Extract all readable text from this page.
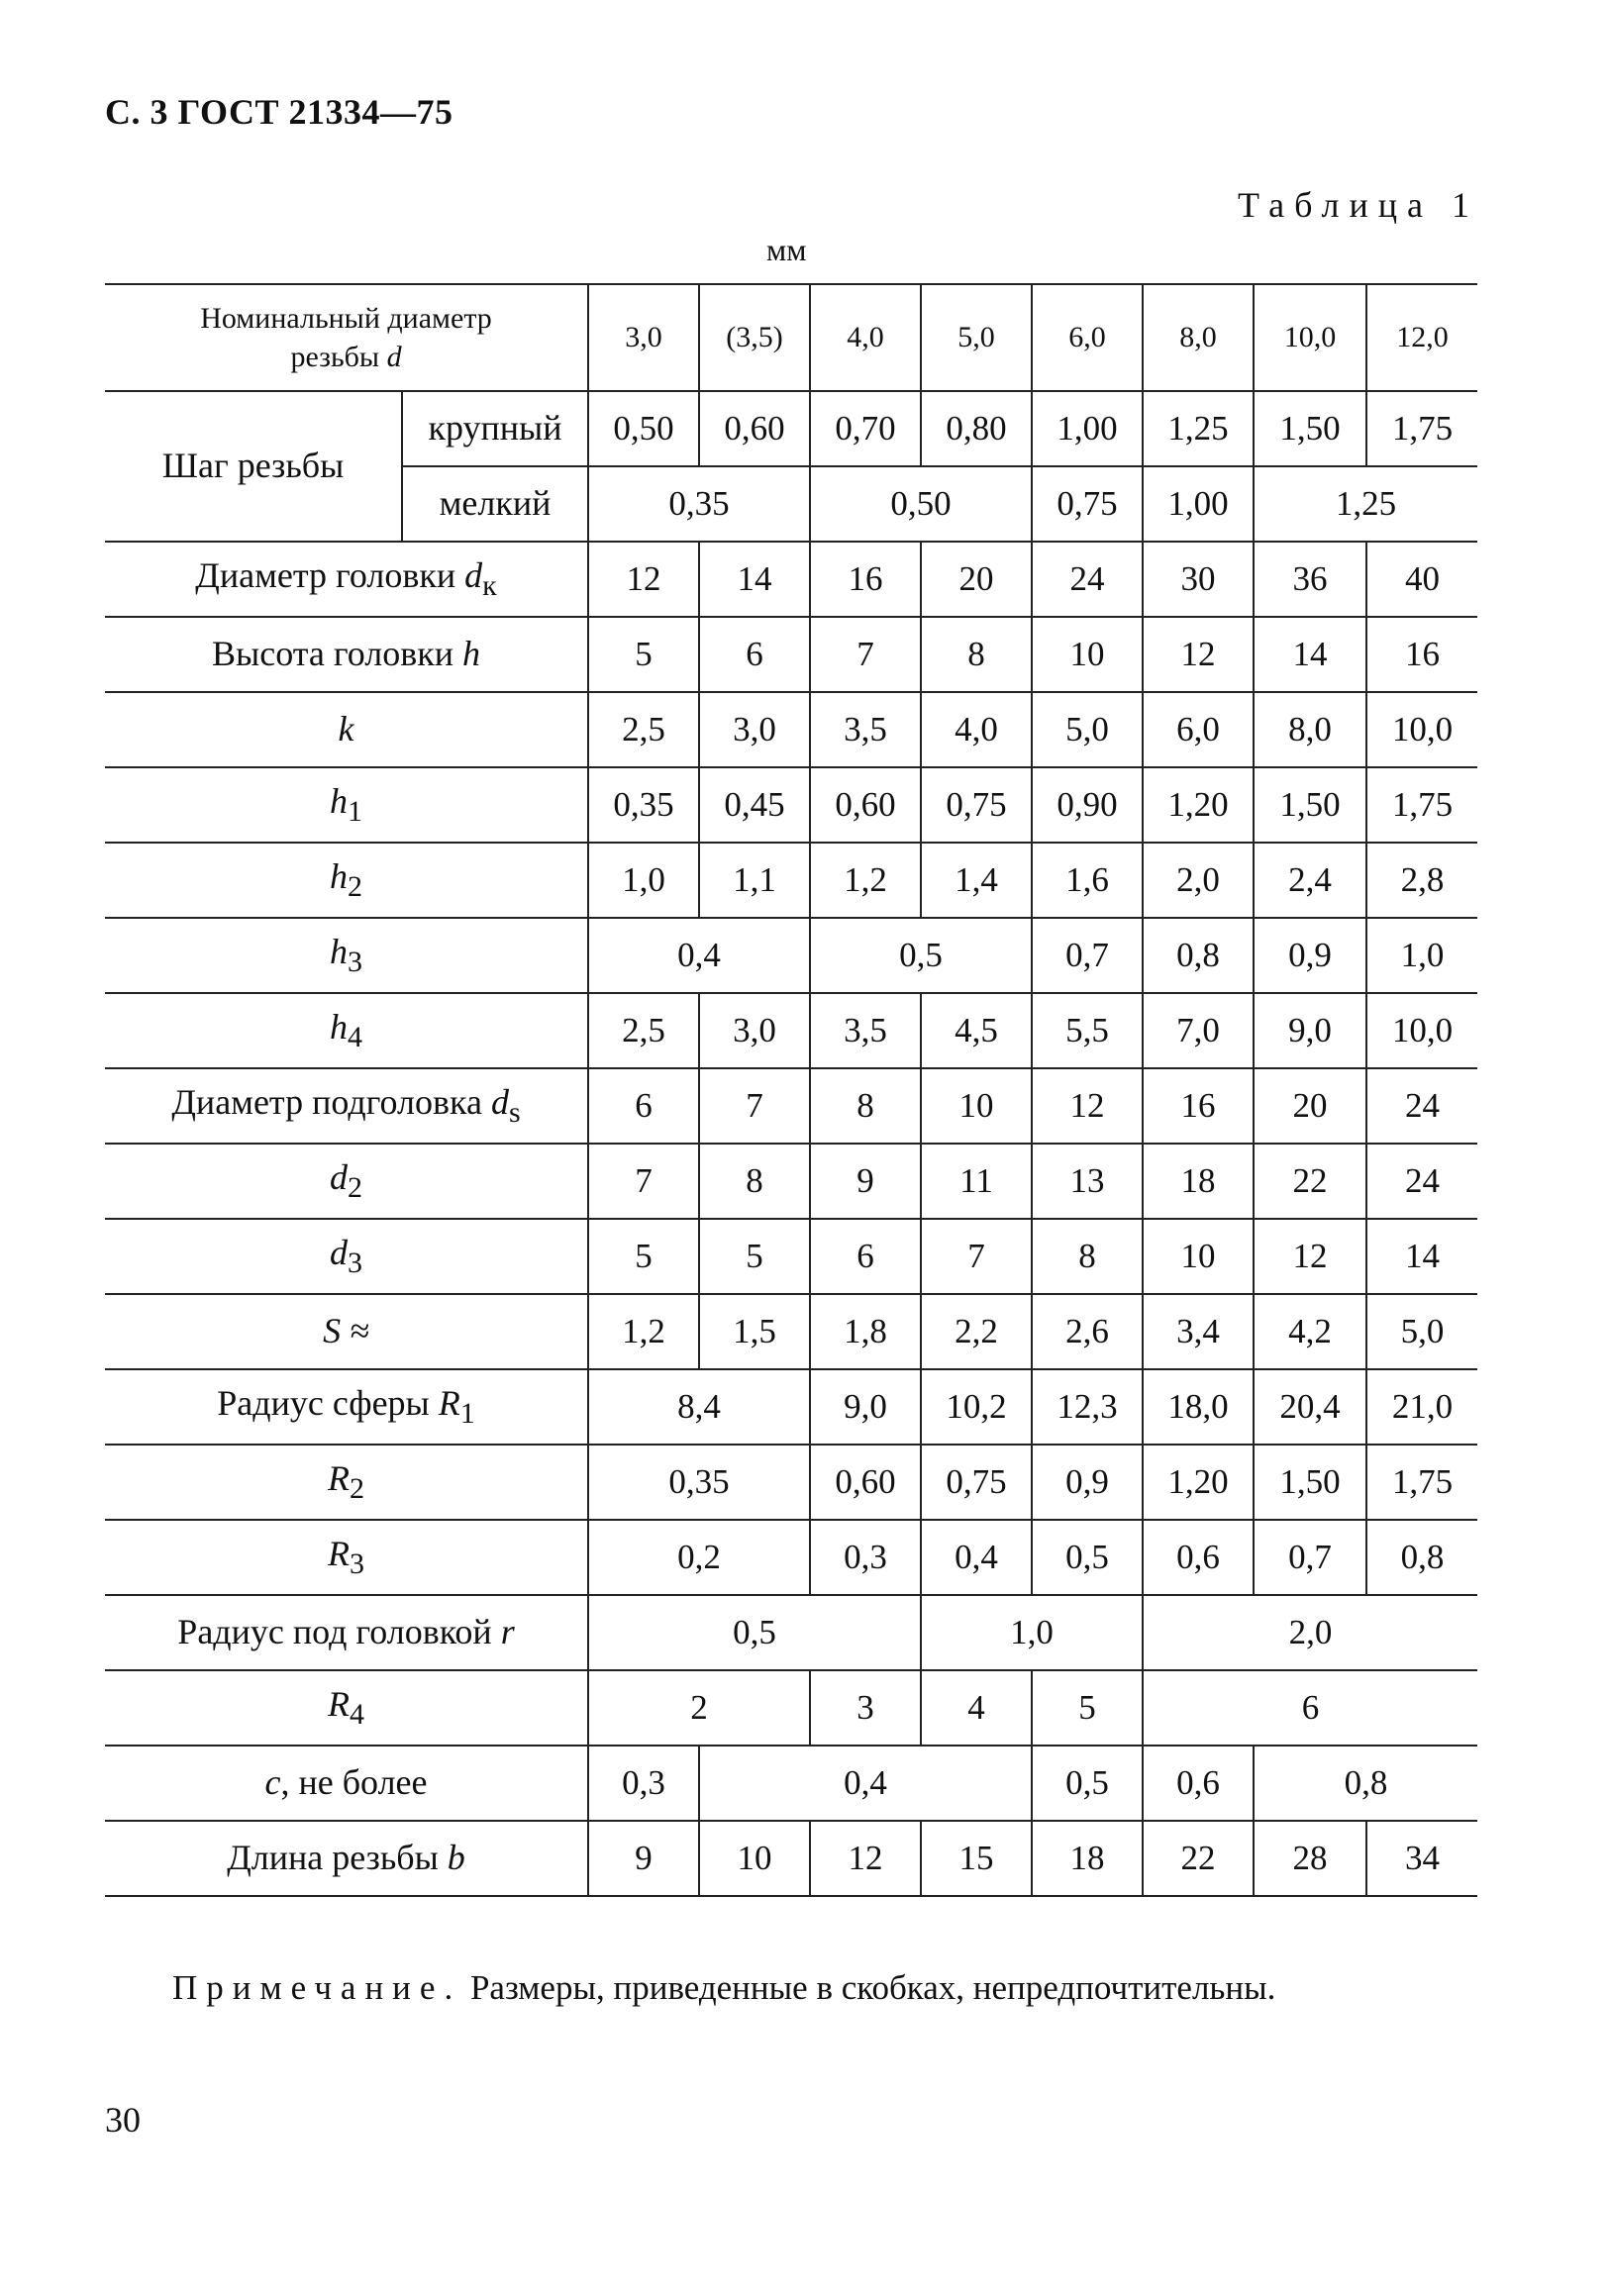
С. 3 ГОСТ 21334—75
Таблица 1
мм
Номинальный диаметр
резьбы d		3,0	(3,5)	4,0	5,0	6,0	8,0	10,0	12,0
Шаг резьбы	крупный	0,50	0,60	0,70	0,80	1,00	1,25	1,50	1,75
	мелкий	0,35		0,50		0,75	1,00	1,25	
Диаметр головки $d_к$		12	14	16	20	24	30	36	40
Высота головки h		5	6	7	8	10	12	14	16
k		2,5	3,0	3,5	4,0	5,0	6,0	8,0	10,0
$h_1$		0,35	0,45	0,60	0,75	0,90	1,20	1,50	1,75
$h_2$		1,0	1,1	1,2	1,4	1,6	2,0	2,4	2,8
$h_3$		0,4		0,5		0,7	0,8	0,9	1,0
$h_4$		2,5	3,0	3,5	4,5	5,5	7,0	9,0	10,0
Диаметр подголовка $d_s$		6	7	8	10	12	16	20	24
$d_2$		7	8	9	11	13	18	22	24
$d_3$		5	5	6	7	8	10	12	14
S ≈		1,2	1,5	1,8	2,2	2,6	3,4	4,2	5,0
Радиус сферы $R_1$		8,4		9,0	10,2	12,3	18,0	20,4	21,0
$R_2$		0,35		0,60	0,75	0,9	1,20	1,50	1,75
$R_3$		0,2		0,3	0,4	0,5	0,6	0,7	0,8
Радиус под головкой r		0,5			1,0		2,0		
$R_4$		2		3	4	5	6		
c, не более		0,3	0,4			0,5	0,6	0,8	
Длина резьбы b		9	10	12	15	18	22	28	34
Примечание. Размеры, приведенные в скобках, непредпочтительны.
30
